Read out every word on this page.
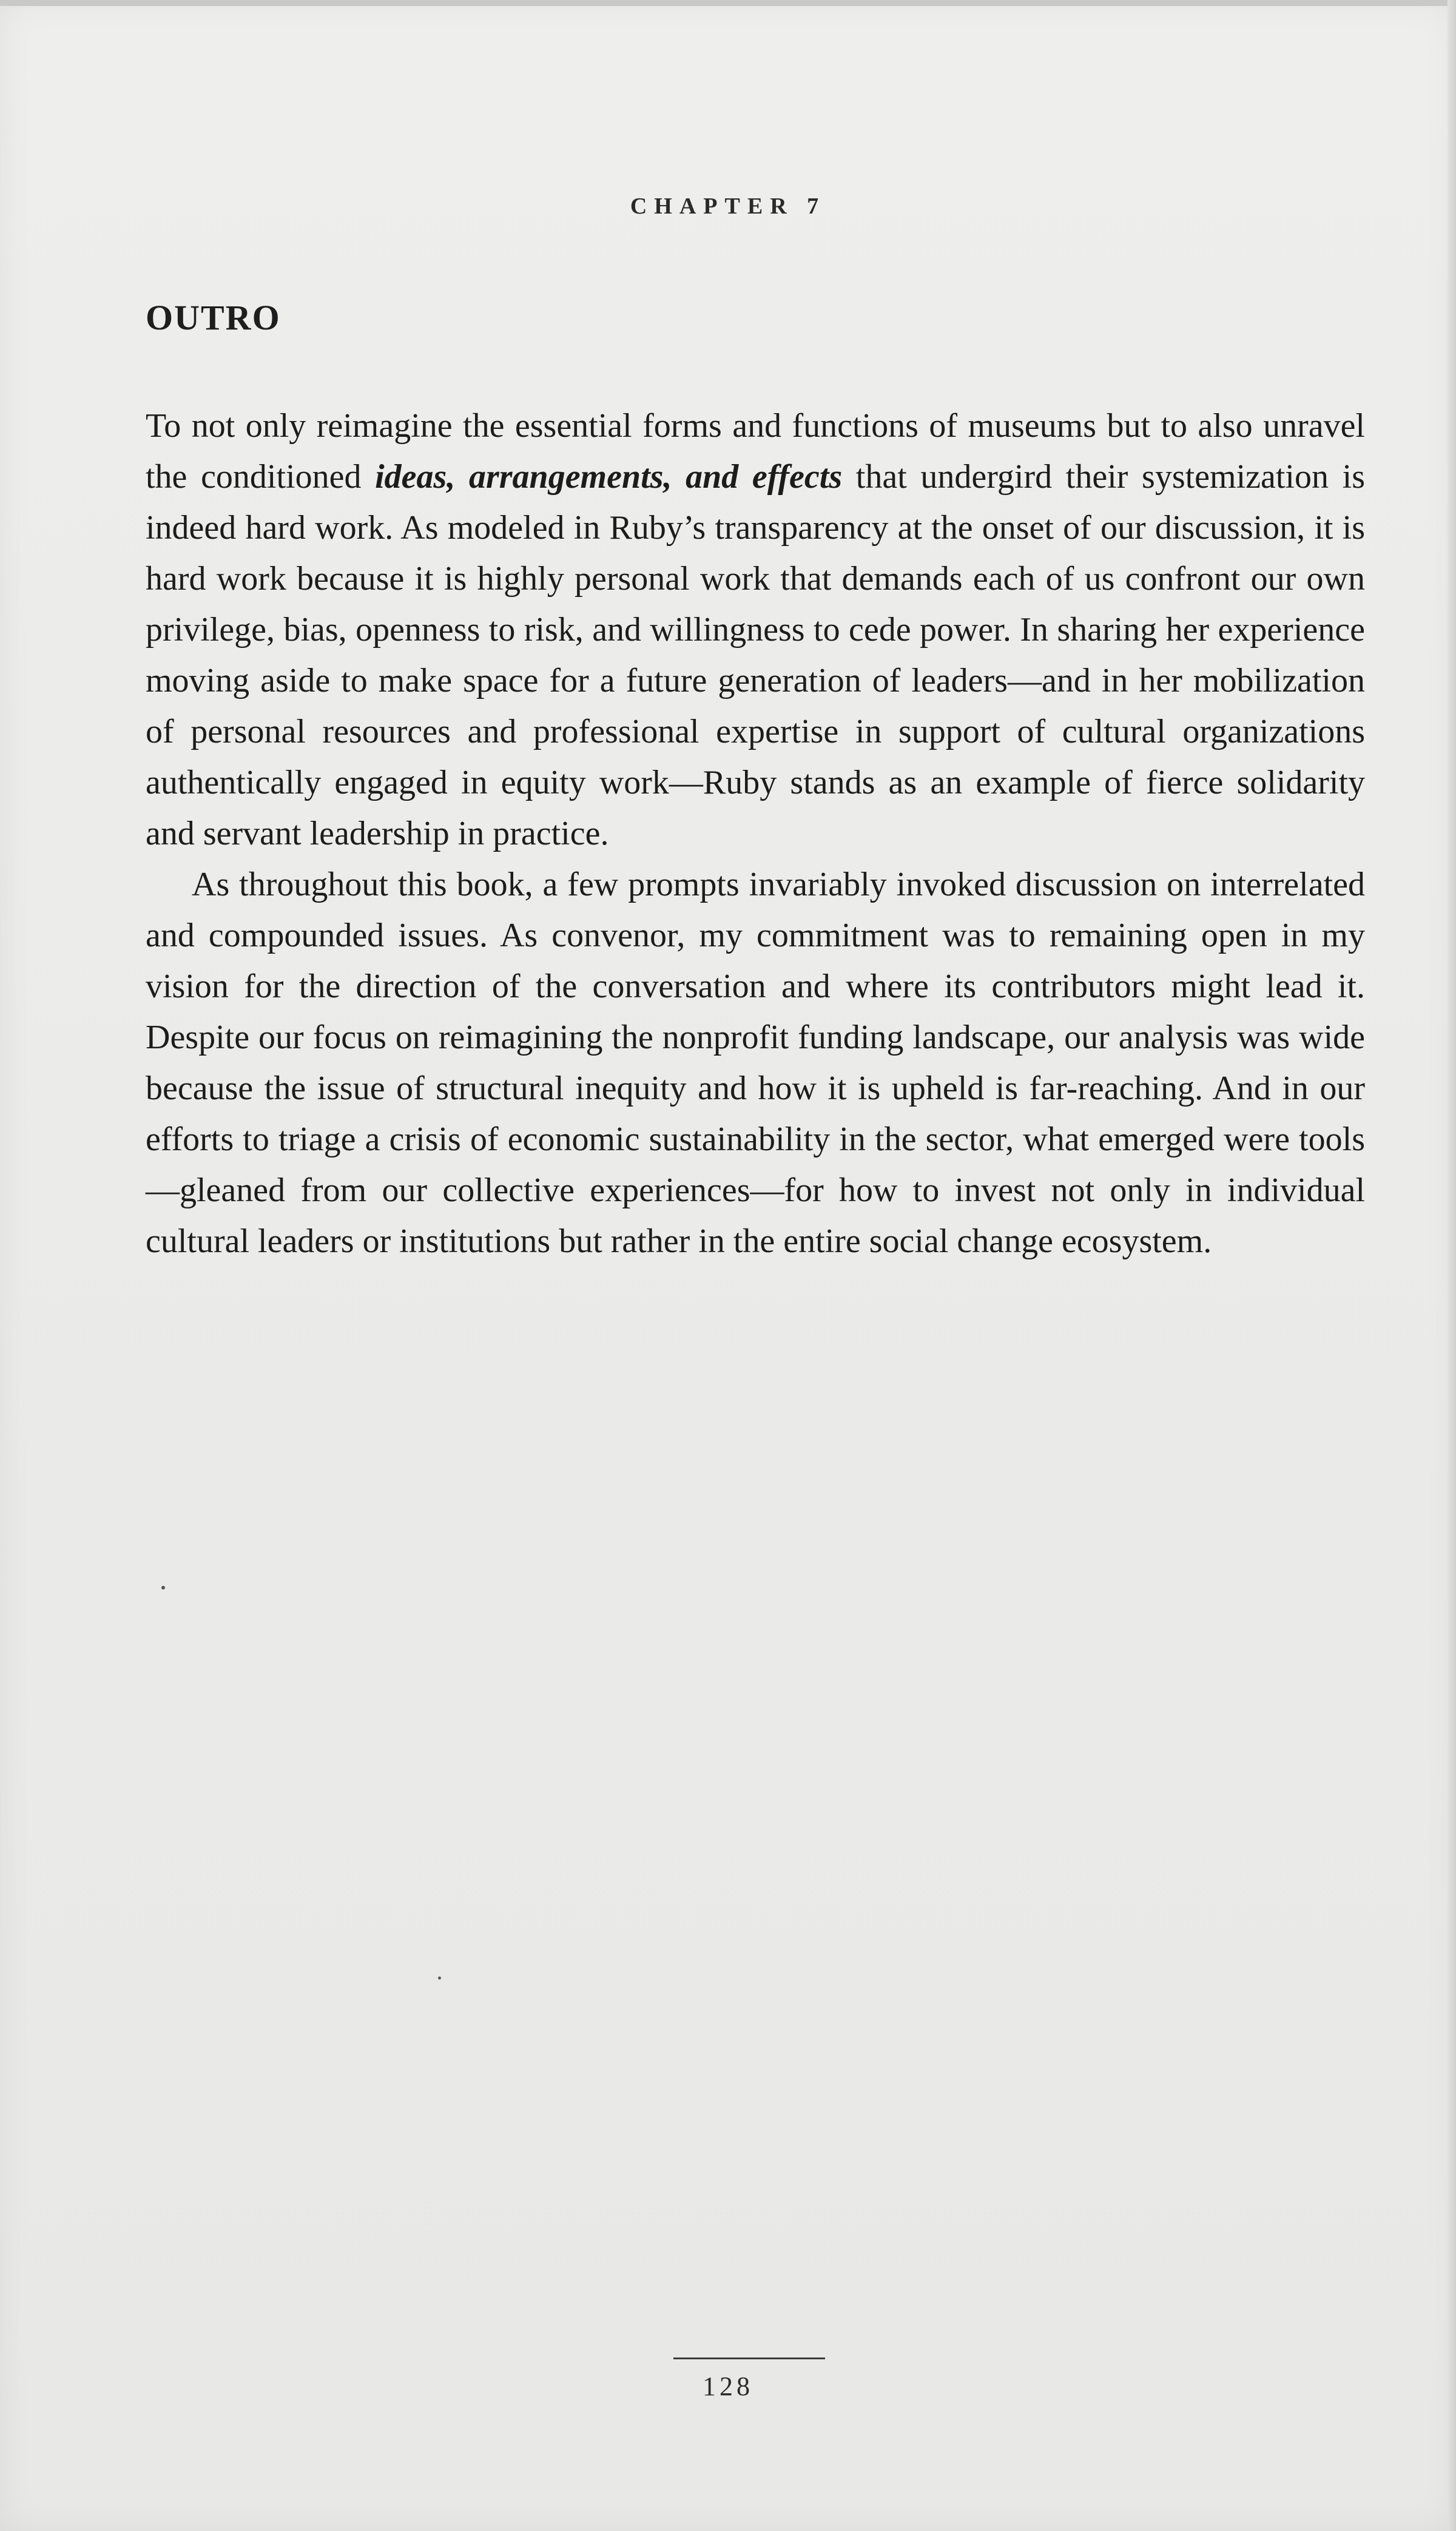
CHAPTER 7
OUTRO

To not only reimagine the essential forms and functions of museums but to also unravel the conditioned ideas, arrangements, and effects that undergird their systemization is indeed hard work. As modeled in Ruby’s transparency at the onset of our discussion, it is hard work because it is highly personal work that demands each of us confront our own privilege, bias, openness to risk, and willingness to cede power. In sharing her experience moving aside to make space for a future generation of leaders—and in her mobilization of personal resources and professional expertise in support of cultural organizations authentically engaged in equity work—Ruby stands as an example of fierce solidarity and servant leadership in practice.

As throughout this book, a few prompts invariably invoked discussion on interrelated and compounded issues. As convenor, my commitment was to remaining open in my vision for the direction of the conversation and where its contributors might lead it. Despite our focus on reimagining the nonprofit funding landscape, our analysis was wide because the issue of structural inequity and how it is upheld is far-reaching. And in our efforts to triage a crisis of economic sustainability in the sector, what emerged were tools—gleaned from our collective experiences—for how to invest not only in individual cultural leaders or institutions but rather in the entire social change ecosystem.

128
